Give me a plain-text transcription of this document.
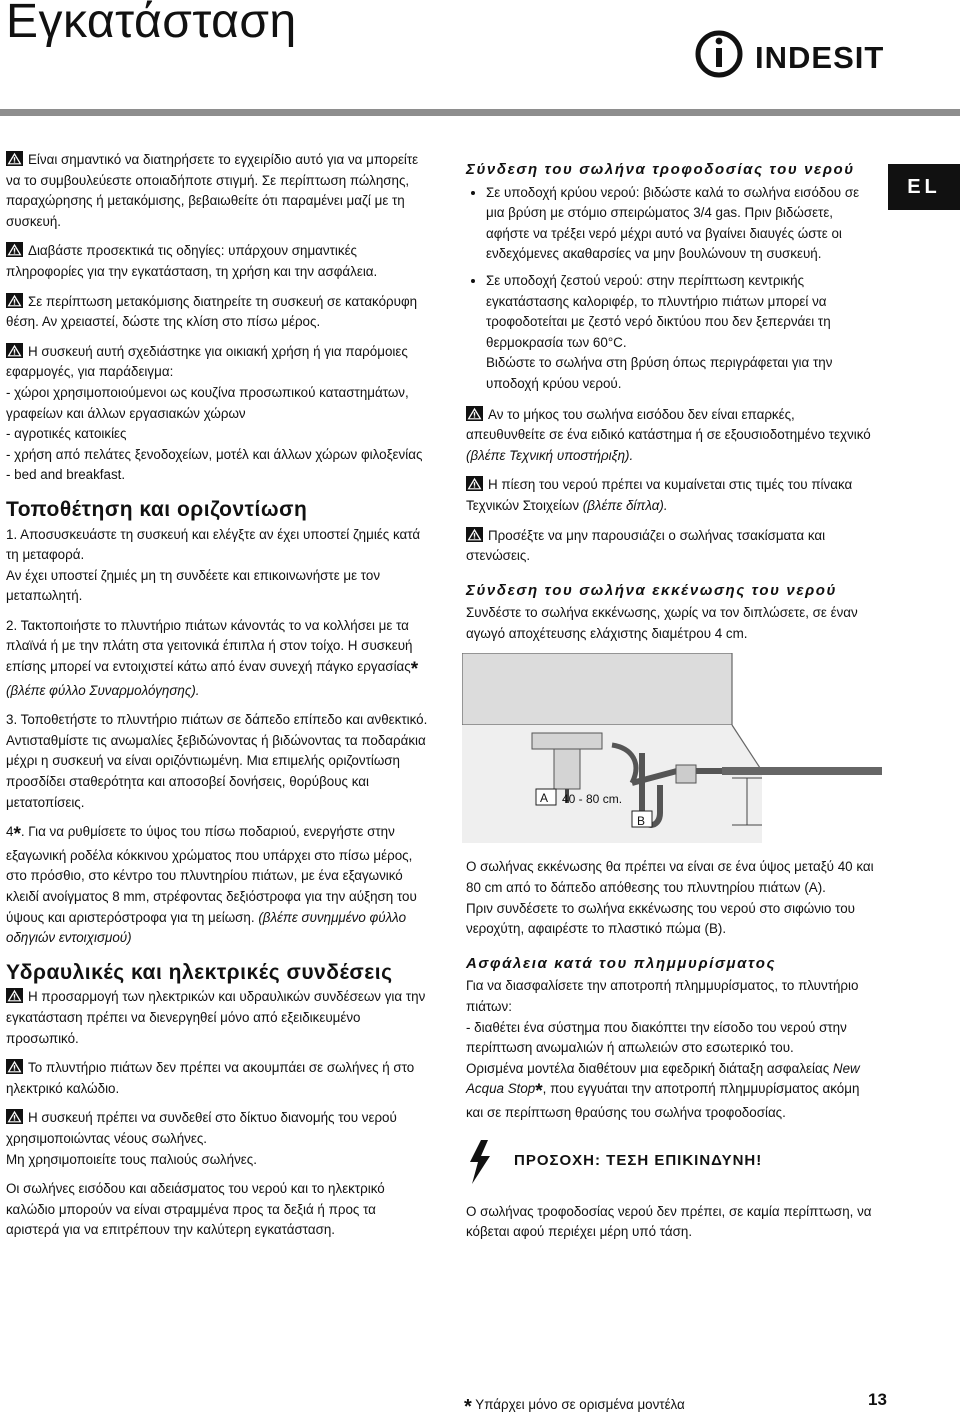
Εγκατάσταση
INDESIT
EL

Είναι σημαντικό να διατηρήσετε το εγχειρίδιο αυτό για να μπορείτε να το συμβουλεύεστε οποιαδήποτε στιγμή. Σε περίπτωση πώλησης, παραχώρησης ή μετακόμισης, βεβαιωθείτε ότι παραμένει μαζί με τη συσκευή.

Διαβάστε προσεκτικά τις οδηγίες: υπάρχουν σημαντικές πληροφορίες για την εγκατάσταση, τη χρήση και την ασφάλεια.

Σε περίπτωση μετακόμισης διατηρείτε τη συσκευή σε κατακόρυφη θέση. Αν χρειαστεί, δώστε της κλίση στο πίσω μέρος.

Η συσκευή αυτή σχεδιάστηκε για οικιακή χρήση ή για παρόμοιες εφαρμογές, για παράδειγμα:

- χώροι χρησιμοποιούμενοι ως κουζίνα προσωπικού καταστημάτων, γραφείων και άλλων εργασιακών χώρων
- αγροτικές κατοικίες
- χρήση από πελάτες ξενοδοχείων, μοτέλ και άλλων χώρων φιλοξενίας
- bed and breakfast.
Τοποθέτηση και οριζοντίωση
1. Αποσυσκευάστε τη συσκευή και ελέγξτε αν έχει υποστεί ζημιές κατά τη μεταφορά.

Αν έχει υποστεί ζημιές μη τη συνδέετε και επικοινωνήστε με τον μεταπωλητή.

2. Τακτοποιήστε το πλυντήριο πιάτων κάνοντάς το να κολλήσει με τα πλαϊνά ή με την πλάτη στα γειτονικά έπιπλα ή στον τοίχο. Η συσκευή επίσης μπορεί να εντοιχιστεί κάτω από έναν συνεχή πάγκο εργασίας* (βλέπε φύλλο Συναρμολόγησης).

3. Τοποθετήστε το πλυντήριο πιάτων σε δάπεδο επίπεδο και ανθεκτικό. Αντισταθμίστε τις ανωμαλίες ξεβιδώνοντας ή βιδώνοντας τα ποδαράκια μέχρι η συσκευή να είναι οριζόντιωμένη. Μια επιμελής οριζοντίωση προσδίδει σταθερότητα και αποσοβεί δονήσεις, θορύβους και μετατοπίσεις.

4*. Για να ρυθμίσετε το ύψος του πίσω ποδαριού, ενεργήστε στην εξαγωνική ροδέλα κόκκινου χρώματος που υπάρχει στο πίσω μέρος, στο πρόσθιο, στο κέντρο του πλυντηρίου πιάτων, με ένα εξαγωνικό κλειδί ανοίγματος 8 mm, στρέφοντας δεξιόστροφα για την αύξηση του ύψους και αριστερόστροφα για τη μείωση. (βλέπε συνημμένο φύλλο οδηγιών εντοιχισμού)

Υδραυλικές και ηλεκτρικές συνδέσεις

Η προσαρμογή των ηλεκτρικών και υδραυλικών συνδέσεων για την εγκατάσταση πρέπει να διενεργηθεί μόνο από εξειδικευμένο προσωπικό.

Το πλυντήριο πιάτων δεν πρέπει να ακουμπάει σε σωλήνες ή στο ηλεκτρικό καλώδιο.

Η συσκευή πρέπει να συνδεθεί στο δίκτυο διανομής του νερού χρησιμοποιώντας νέους σωλήνες.

Μη χρησιμοποιείτε τους παλιούς σωλήνες.

Οι σωλήνες εισόδου και αδειάσματος του νερού και το ηλεκτρικό καλώδιο μπορούν να είναι στραμμένα προς τα δεξιά ή προς τα αριστερά για να επιτρέπουν την καλύτερη εγκατάσταση.

Σύνδεση του σωλήνα τροφοδοσίας του νερού
• Σε υποδοχή κρύου νερού: βιδώστε καλά το σωλήνα εισόδου σε μια βρύση με στόμιο σπειρώματος 3/4 gas. Πριν βιδώσετε, αφήστε να τρέξει νερό μέχρι αυτό να βγαίνει διαυγές ώστε οι ενδεχόμενες ακαθαρσίες να μην βουλώνουν τη συσκευή.
• Σε υποδοχή ζεστού νερού: στην περίπτωση κεντρικής εγκατάστασης καλοριφέρ, το πλυντήριο πιάτων μπορεί να τροφοδοτείται με ζεστό νερό δικτύου που δεν ξεπερνάει τη θερμοκρασία των 60°C.
Βιδώστε το σωλήνα στη βρύση όπως περιγράφεται για την υποδοχή κρύου νερού.

Αν το μήκος του σωλήνα εισόδου δεν είναι επαρκές, απευθυνθείτε σε ένα ειδικό κατάστημα ή σε εξουσιοδοτημένο τεχνικό (βλέπε Τεχνική υποστήριξη).

Η πίεση του νερού πρέπει να κυμαίνεται στις τιμές του πίνακα Τεχνικών Στοιχείων (βλέπε δίπλα).

Προσέξτε να μην παρουσιάζει ο σωλήνας τσακίσματα και στενώσεις.

Σύνδεση του σωλήνα εκκένωσης του νερού

Συνδέστε το σωλήνα εκκένωσης, χωρίς να τον διπλώσετε, σε έναν αγωγό αποχέτευσης ελάχιστης διαμέτρου 4 cm.

A 40 - 80 cm.
B
Ο σωλήνας εκκένωσης θα πρέπει να είναι σε ένα ύψος μεταξύ 40 και 80 cm από το δάπεδο απόθεσης του πλυντηρίου πιάτων (A).

Πριν συνδέσετε το σωλήνα εκκένωσης του νερού στο σιφώνιο του νεροχύτη, αφαιρέστε το πλαστικό πώμα (B).

Ασφάλεια κατά του πλημμυρίσματος
Για να διασφαλίσετε την αποτροπή πλημμυρίσματος, το πλυντήριο πιάτων:
- διαθέτει ένα σύστημα που διακόπτει την είσοδο του νερού στην περίπτωση ανωμαλιών ή απωλειών στο εσωτερικό του.
Ορισμένα μοντέλα διαθέτουν μια εφεδρική διάταξη ασφαλείας New Acqua Stop*, που εγγυάται την αποτροπή πλημμυρίσματος ακόμη και σε περίπτωση θραύσης του σωλήνα τροφοδοσίας.
ΠΡΟΣΟΧΗ: ΤΕΣΗ ΕΠΙΚΙΝΔΥΝΗ!

Ο σωλήνας τροφοδοσίας νερού δεν πρέπει, σε καμία περίπτωση, να κόβεται αφού περιέχει μέρη υπό τάση.

* Υπάρχει μόνο σε ορισμένα μοντέλα	13
